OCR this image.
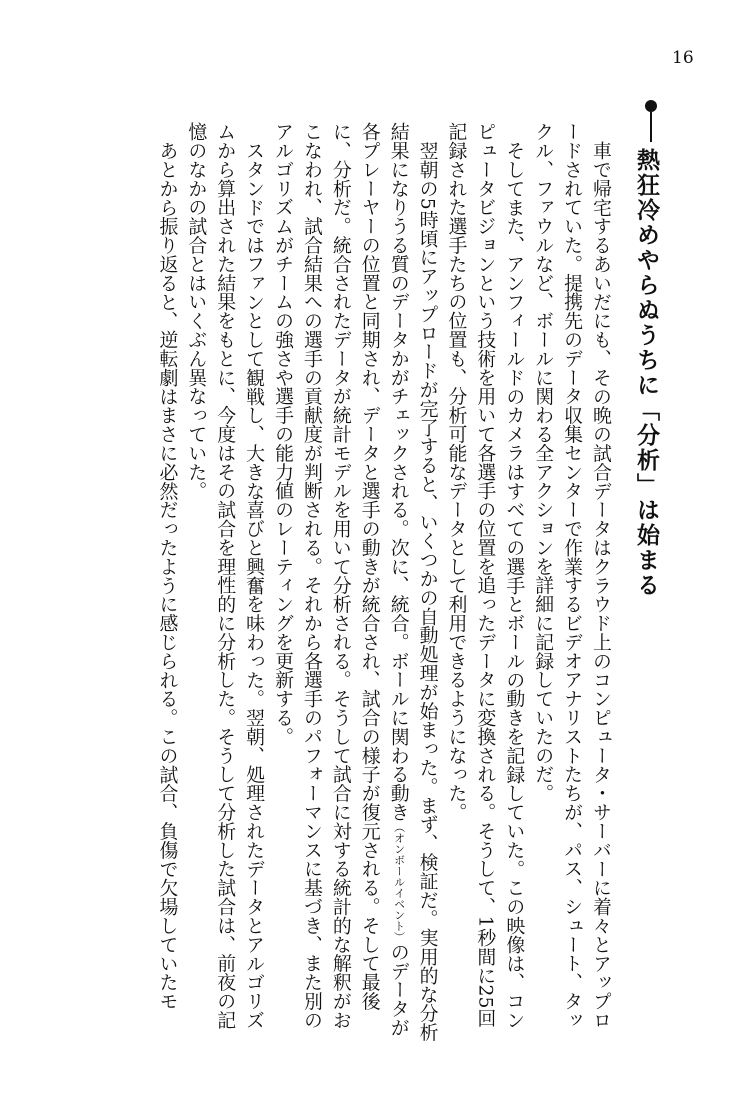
16
熱狂冷めやらぬうちに「分析」は始まる

車で帰宅するあいだにも、その晩の試合データはクラウド上のコンピュータ・サーバーに着々とアップロードされていた。提携先のデータ収集センターで作業するビデオアナリストたちが、パス、シュート、タックル、ファウルなど、ボールに関わる全アクションを詳細に記録していたのだ。

そしてまた、アンフィールドのカメラはすべての選手とボールの動きを記録していた。この映像は、コンピュータビジョンという技術を用いて各選手の位置を追ったデータに変換される。そうして、1秒間に25回記録された選手たちの位置も、分析可能なデータとして利用できるようになった。

翌朝の5時頃にアップロードが完了すると、いくつかの自動処理が始まった。まず、検証だ。実用的な分析結果になりうる質のデータかがチェックされる。次に、統合。ボールに関わる動き（オンボールイベント）のデータが各プレーヤーの位置と同期され、データと選手の動きが統合され、試合の様子が復元される。そして最後に、分析だ。統合されたデータが統計モデルを用いて分析される。そうして試合に対する統計的な解釈がおこなわれ、試合結果への選手の貢献度が判断される。それから各選手のパフォーマンスに基づき、また別のアルゴリズムがチームの強さや選手の能力値のレーティングを更新する。

スタンドではファンとして観戦し、大きな喜びと興奮を味わった。翌朝、処理されたデータとアルゴリズムから算出された結果をもとに、今度はその試合を理性的に分析した。そうして分析した試合は、前夜の記憶のなかの試合とはいくぶん異なっていた。

あとから振り返ると、逆転劇はまさに必然だったように感じられる。この試合、負傷で欠場していたモ
